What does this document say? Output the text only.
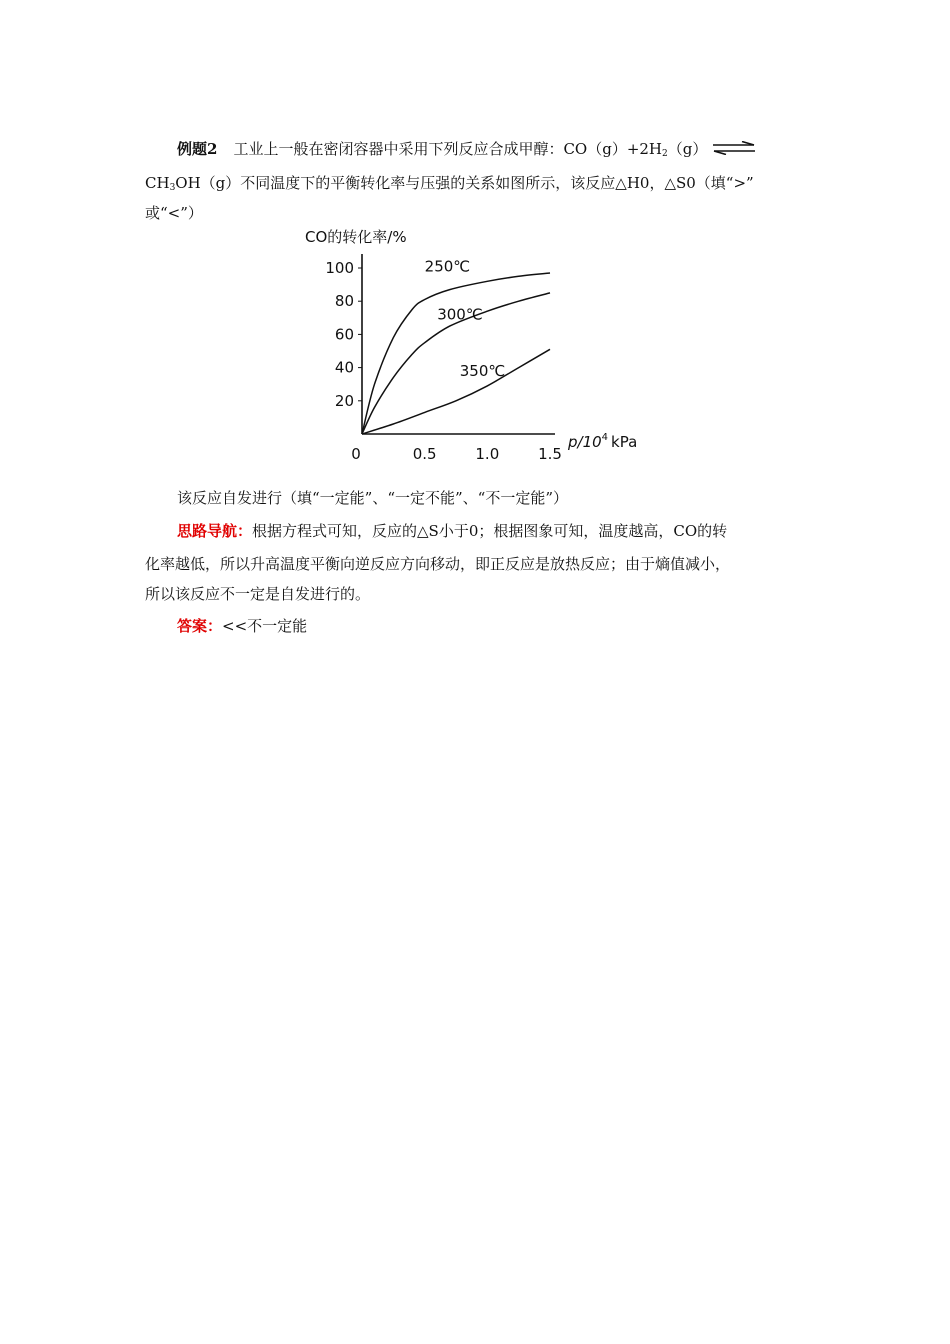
例题2 工业上一般在密闭容器中采用下列反应合成甲醇：$CO(g)+2H_2(g)$ ⇌
$CH_3OH(g)$不同温度下的平衡转化率与压强的关系如图所示，该反应△H0，△S0（填“>”
或“<”）
CO的转化率/%
100
80
60
40
20
0.5	1.0	1.5
0
250℃
300℃
350℃
$p/10^4$ kPa
该反应自发进行（填“一定能”、“一定不能”、“不一定能”）
思路导航：根据方程式可知，反应的△S小于0；根据图象可知，温度越高，CO的转
化率越低，所以升高温度平衡向逆反应方向移动，即正反应是放热反应；由于熵值减小，
所以该反应不一定是自发进行的。
答案：<<不一定能
